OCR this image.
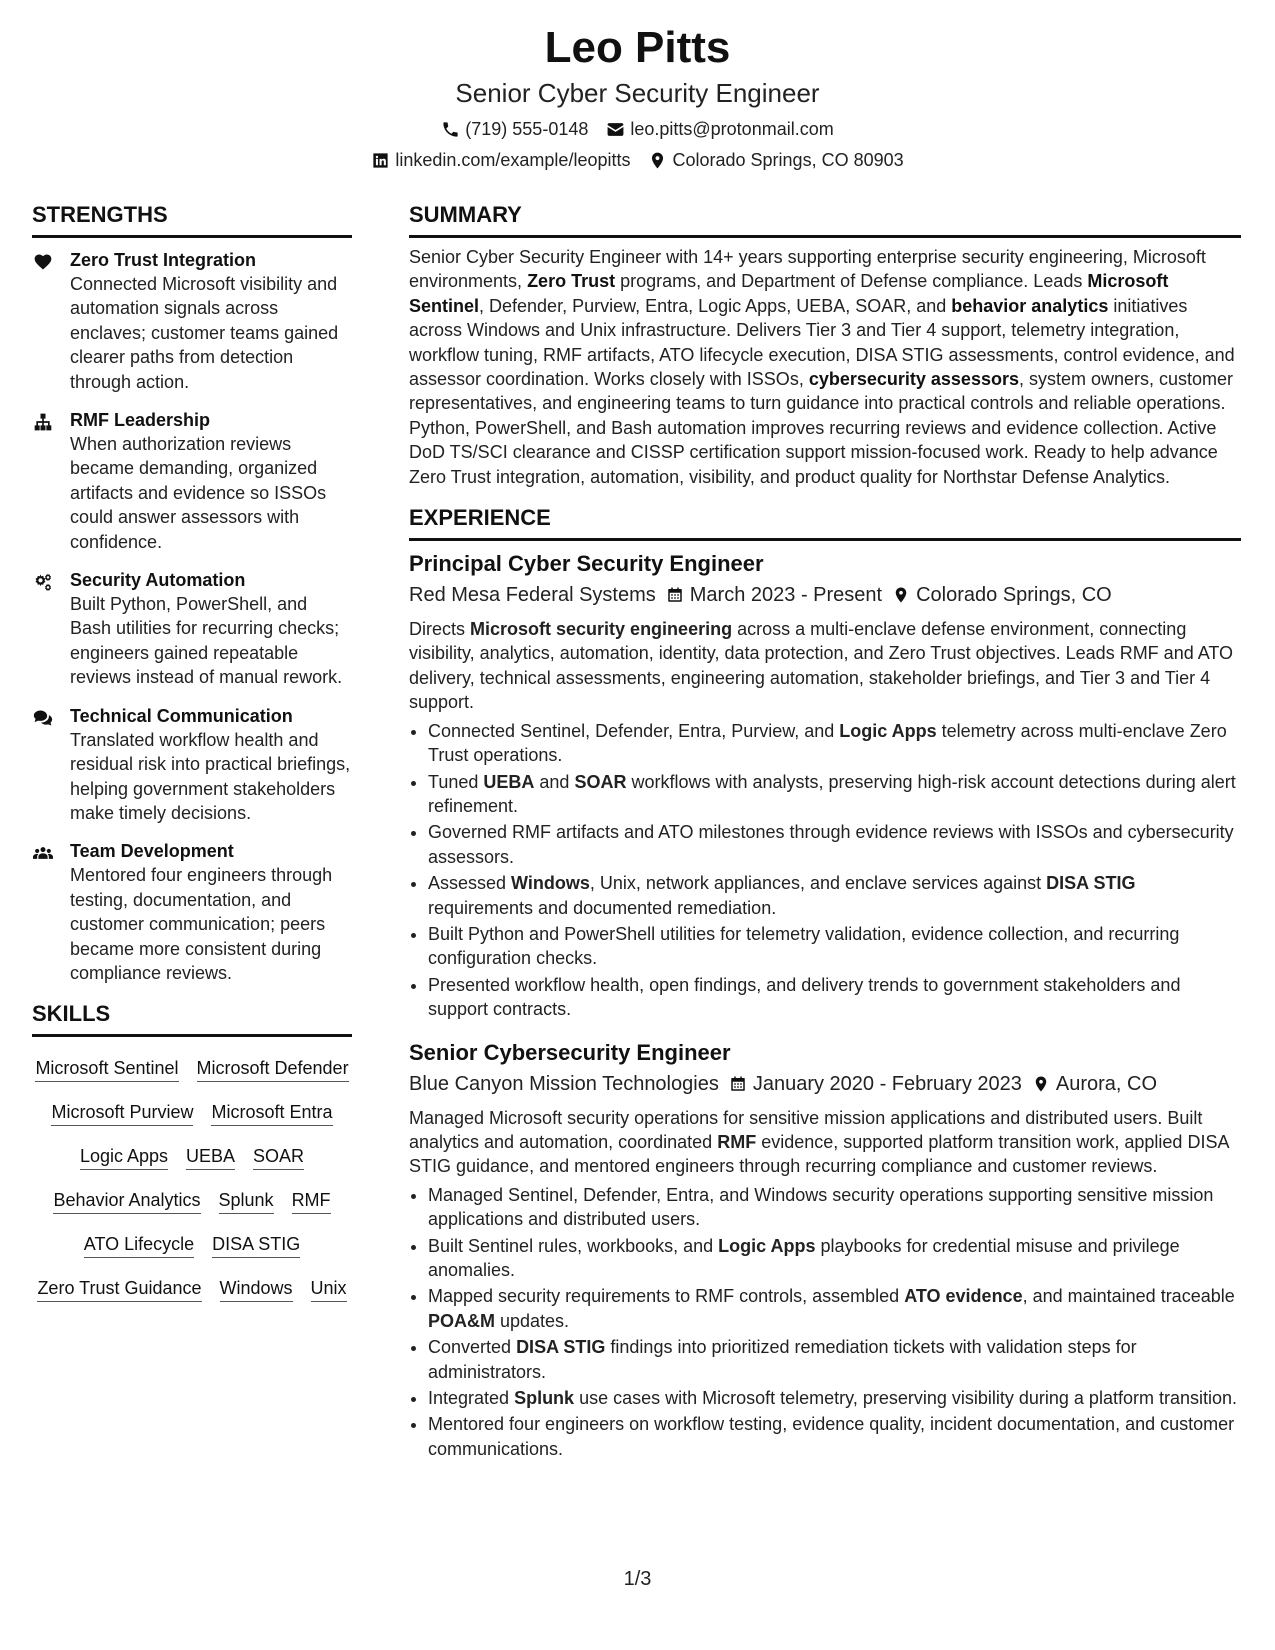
Leo Pitts
Senior Cyber Security Engineer
(719) 555-0148 leo.pitts@protonmail.com
linkedin.com/example/leopitts Colorado Springs, CO 80903
STRENGTHS
Zero Trust Integration
Connected Microsoft visibility and automation signals across enclaves; customer teams gained clearer paths from detection through action.
RMF Leadership
When authorization reviews became demanding, organized artifacts and evidence so ISSOs could answer assessors with confidence.
Security Automation
Built Python, PowerShell, and Bash utilities for recurring checks; engineers gained repeatable reviews instead of manual rework.
Technical Communication
Translated workflow health and residual risk into practical briefings, helping government stakeholders make timely decisions.
Team Development
Mentored four engineers through testing, documentation, and customer communication; peers became more consistent during compliance reviews.
SKILLS
Microsoft Sentinel Microsoft Defender
Microsoft Purview Microsoft Entra
Logic Apps UEBA SOAR
Behavior Analytics Splunk RMF
ATO Lifecycle DISA STIG
Zero Trust Guidance Windows Unix
SUMMARY
Senior Cyber Security Engineer with 14+ years supporting enterprise security engineering, Microsoft environments, Zero Trust programs, and Department of Defense compliance. Leads Microsoft Sentinel, Defender, Purview, Entra, Logic Apps, UEBA, SOAR, and behavior analytics initiatives across Windows and Unix infrastructure. Delivers Tier 3 and Tier 4 support, telemetry integration, workflow tuning, RMF artifacts, ATO lifecycle execution, DISA STIG assessments, control evidence, and assessor coordination. Works closely with ISSOs, cybersecurity assessors, system owners, customer representatives, and engineering teams to turn guidance into practical controls and reliable operations. Python, PowerShell, and Bash automation improves recurring reviews and evidence collection. Active DoD TS/SCI clearance and CISSP certification support mission-focused work. Ready to help advance Zero Trust integration, automation, visibility, and product quality for Northstar Defense Analytics.
EXPERIENCE
Principal Cyber Security Engineer
Red Mesa Federal Systems March 2023 - Present Colorado Springs, CO
Directs Microsoft security engineering across a multi-enclave defense environment, connecting visibility, analytics, automation, identity, data protection, and Zero Trust objectives. Leads RMF and ATO delivery, technical assessments, engineering automation, stakeholder briefings, and Tier 3 and Tier 4 support.
• Connected Sentinel, Defender, Entra, Purview, and Logic Apps telemetry across multi-enclave Zero Trust operations.
• Tuned UEBA and SOAR workflows with analysts, preserving high-risk account detections during alert refinement.
• Governed RMF artifacts and ATO milestones through evidence reviews with ISSOs and cybersecurity assessors.
• Assessed Windows, Unix, network appliances, and enclave services against DISA STIG requirements and documented remediation.
• Built Python and PowerShell utilities for telemetry validation, evidence collection, and recurring configuration checks.
• Presented workflow health, open findings, and delivery trends to government stakeholders and support contracts.
Senior Cybersecurity Engineer
Blue Canyon Mission Technologies January 2020 - February 2023 Aurora, CO
Managed Microsoft security operations for sensitive mission applications and distributed users. Built analytics and automation, coordinated RMF evidence, supported platform transition work, applied DISA STIG guidance, and mentored engineers through recurring compliance and customer reviews.
• Managed Sentinel, Defender, Entra, and Windows security operations supporting sensitive mission applications and distributed users.
• Built Sentinel rules, workbooks, and Logic Apps playbooks for credential misuse and privilege anomalies.
• Mapped security requirements to RMF controls, assembled ATO evidence, and maintained traceable POA&M updates.
• Converted DISA STIG findings into prioritized remediation tickets with validation steps for administrators.
• Integrated Splunk use cases with Microsoft telemetry, preserving visibility during a platform transition.
• Mentored four engineers on workflow testing, evidence quality, incident documentation, and customer communications.
1/3
